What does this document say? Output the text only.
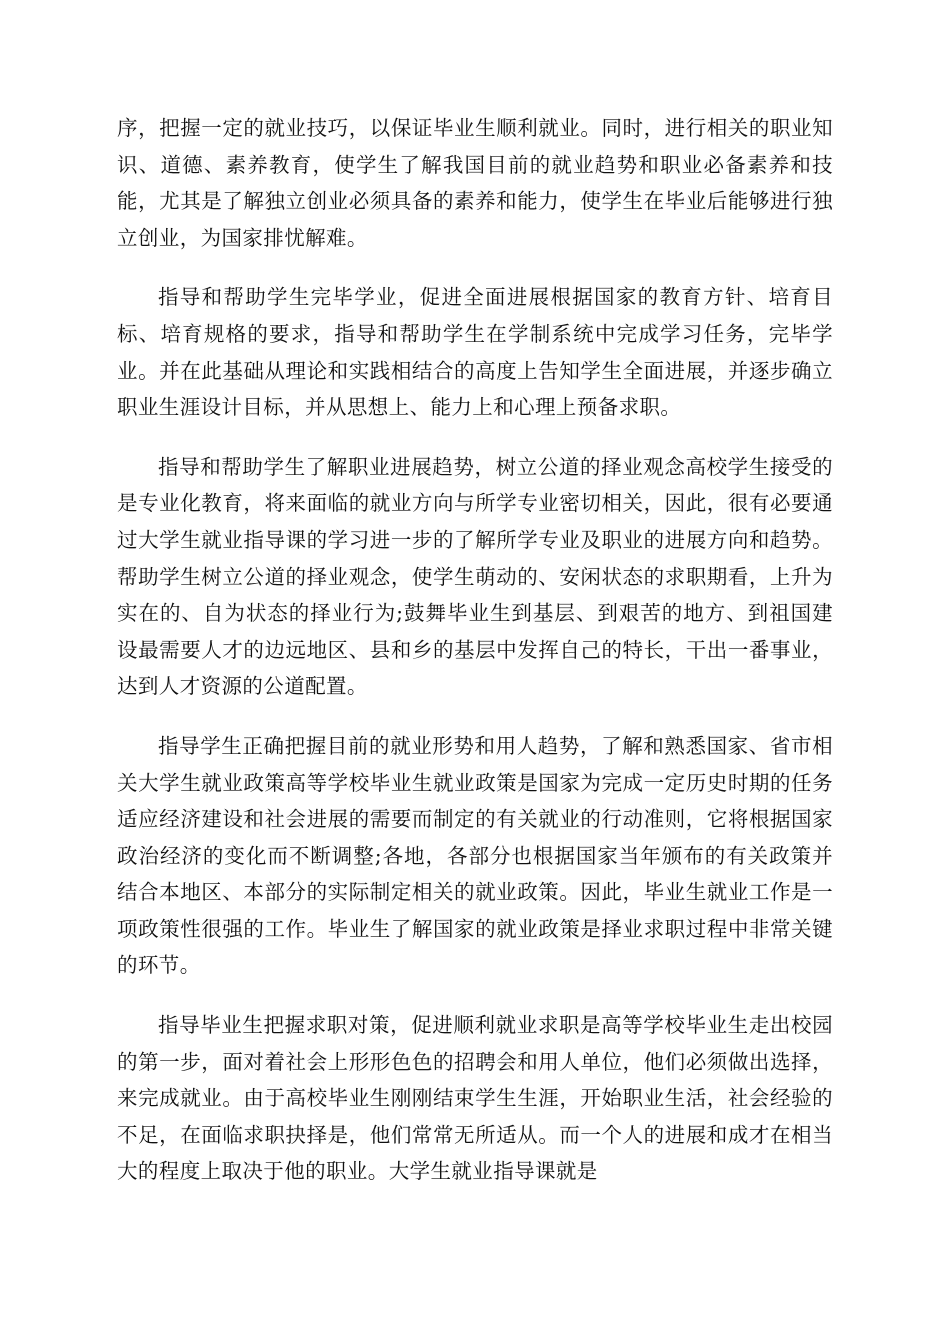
序，把握一定的就业技巧，以保证毕业生顺利就业。同时，进行相关的职业知识、道德、素养教育，使学生了解我国目前的就业趋势和职业必备素养和技能，尤其是了解独立创业必须具备的素养和能力，使学生在毕业后能够进行独立创业，为国家排忧解难。

指导和帮助学生完毕学业，促进全面进展根据国家的教育方针、培育目标、培育规格的要求，指导和帮助学生在学制系统中完成学习任务，完毕学业。并在此基础从理论和实践相结合的高度上告知学生全面进展，并逐步确立职业生涯设计目标，并从思想上、能力上和心理上预备求职。

指导和帮助学生了解职业进展趋势，树立公道的择业观念高校学生接受的是专业化教育，将来面临的就业方向与所学专业密切相关，因此，很有必要通过大学生就业指导课的学习进一步的了解所学专业及职业的进展方向和趋势。帮助学生树立公道的择业观念，使学生萌动的、安闲状态的求职期看，上升为实在的、自为状态的择业行为;鼓舞毕业生到基层、到艰苦的地方、到祖国建设最需要人才的边远地区、县和乡的基层中发挥自己的特长，干出一番事业，达到人才资源的公道配置。

指导学生正确把握目前的就业形势和用人趋势，了解和熟悉国家、省市相关大学生就业政策高等学校毕业生就业政策是国家为完成一定历史时期的任务适应经济建设和社会进展的需要而制定的有关就业的行动准则，它将根据国家政治经济的变化而不断调整;各地，各部分也根据国家当年颁布的有关政策并结合本地区、本部分的实际制定相关的就业政策。因此，毕业生就业工作是一项政策性很强的工作。毕业生了解国家的就业政策是择业求职过程中非常关键的环节。

指导毕业生把握求职对策，促进顺利就业求职是高等学校毕业生走出校园的第一步，面对着社会上形形色色的招聘会和用人单位，他们必须做出选择，来完成就业。由于高校毕业生刚刚结束学生生涯，开始职业生活，社会经验的不足，在面临求职抉择是，他们常常无所适从。而一个人的进展和成才在相当大的程度上取决于他的职业。大学生就业指导课就是
